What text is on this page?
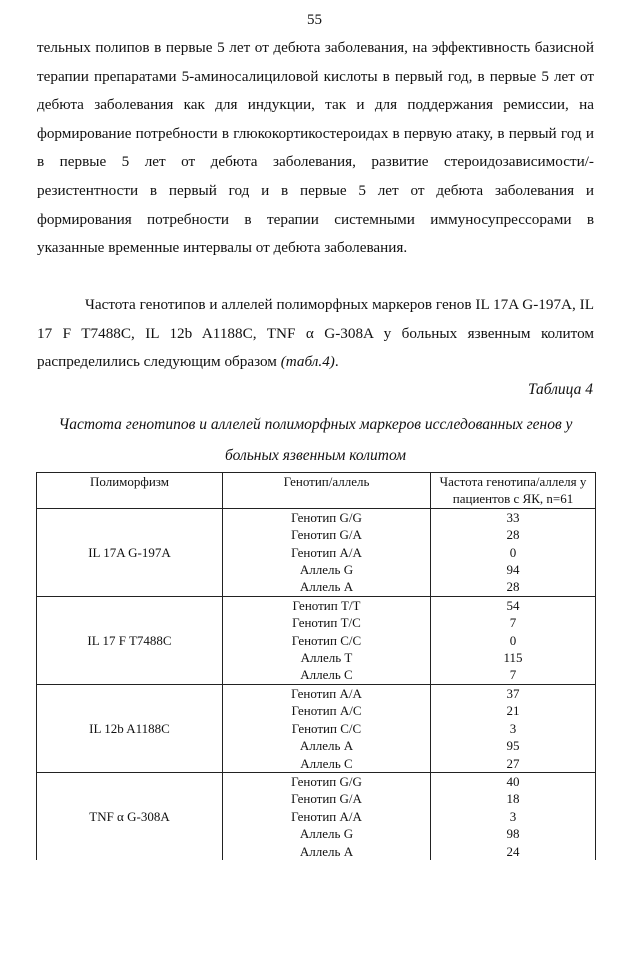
55

тельных полипов в первые 5 лет от дебюта заболевания, на эффективность базисной терапии препаратами 5-аминосалициловой кислоты в первый год, в первые 5 лет от дебюта заболевания как для индукции, так и для поддержания ремиссии, на формирование потребности в глюкокортикостероидах в первую атаку, в первый год и в первые 5 лет от дебюта заболевания, развитие стероидозависимости/-резистентности в первый год и в первые 5 лет от дебюта заболевания и формирования потребности в терапии системными иммуносупрессорами в указанные временные интервалы от дебюта заболевания.

Частота генотипов и аллелей полиморфных маркеров генов IL 17A G-197A, IL 17 F T7488C, IL 12b A1188C, TNF α G-308A у больных язвенным колитом распределились следующим образом (табл.4).

Таблица 4

Частота генотипов и аллелей полиморфных маркеров исследованных генов у больных язвенным колитом

Полиморфизм	Генотип/аллель	Частота генотипа/аллеля у пациентов с ЯК, n=61
IL 17A G-197A	Генотип G/G	33
	Генотип G/A	28
	Генотип A/A	0
	Аллель G	94
	Аллель A	28
IL 17 F T7488C	Генотип T/T	54
	Генотип T/C	7
	Генотип C/C	0
	Аллель T	115
	Аллель C	7
IL 12b A1188C	Генотип A/A	37
	Генотип A/C	21
	Генотип C/C	3
	Аллель A	95
	Аллель C	27
TNF α G-308A	Генотип G/G	40
	Генотип G/A	18
	Генотип A/A	3
	Аллель G	98
	Аллель A	24
